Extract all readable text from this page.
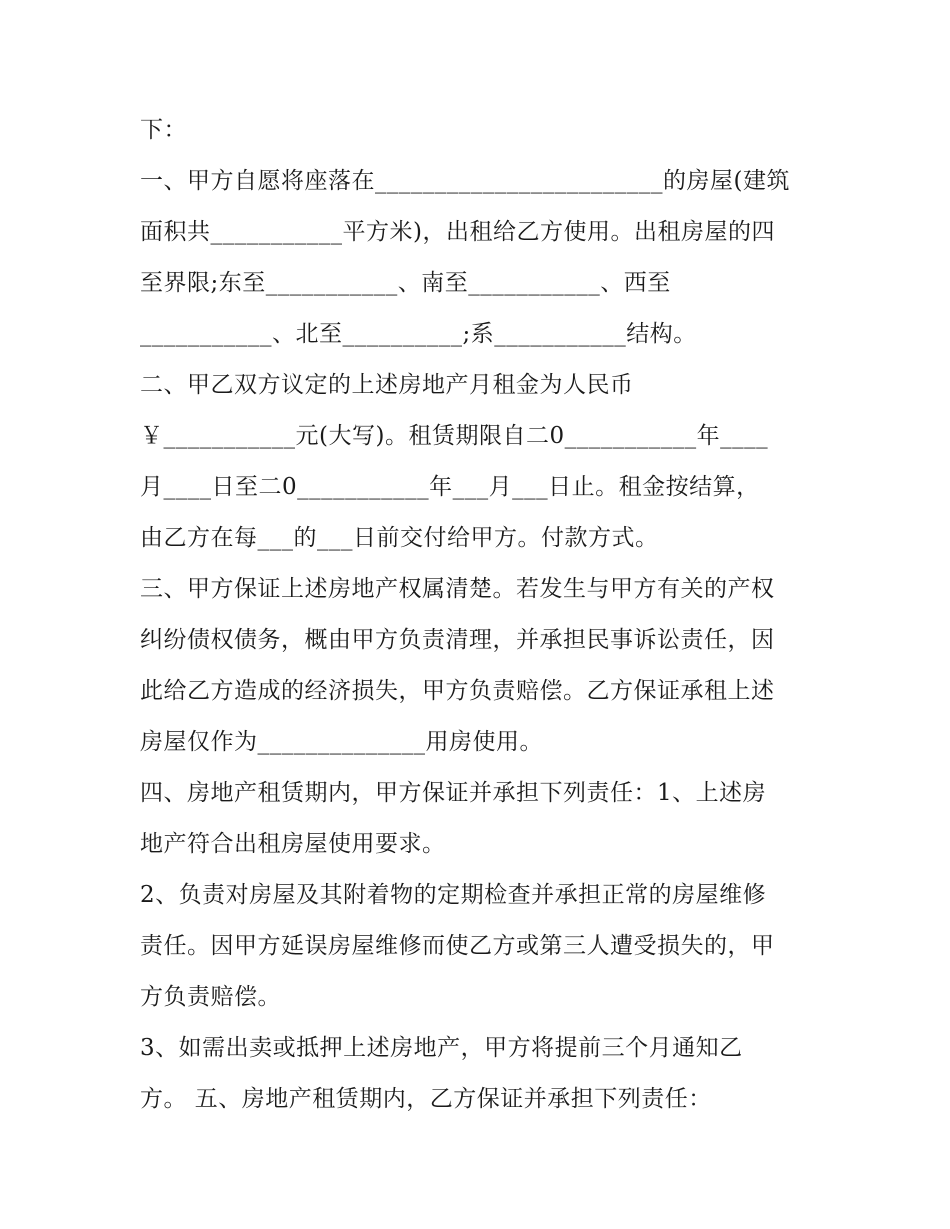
下：
一、甲方自愿将座落在________________________的房屋(建筑
面积共___________平方米)，出租给乙方使用。出租房屋的四
至界限;东至___________、南至___________、西至
___________、北至__________;系___________结构。
二、甲乙双方议定的上述房地产月租金为人民币
￥___________元(大写)。租赁期限自二0___________年____
月____日至二0___________年___月___日止。租金按结算，
由乙方在每___的___日前交付给甲方。付款方式。
三、甲方保证上述房地产权属清楚。若发生与甲方有关的产权
纠纷债权债务，概由甲方负责清理，并承担民事诉讼责任，因
此给乙方造成的经济损失，甲方负责赔偿。乙方保证承租上述
房屋仅作为______________用房使用。
四、房地产租赁期内，甲方保证并承担下列责任：1、上述房
地产符合出租房屋使用要求。
2、负责对房屋及其附着物的定期检查并承担正常的房屋维修
责任。因甲方延误房屋维修而使乙方或第三人遭受损失的，甲
方负责赔偿。
3、如需出卖或抵押上述房地产，甲方将提前三个月通知乙
方。 五、房地产租赁期内，乙方保证并承担下列责任：
